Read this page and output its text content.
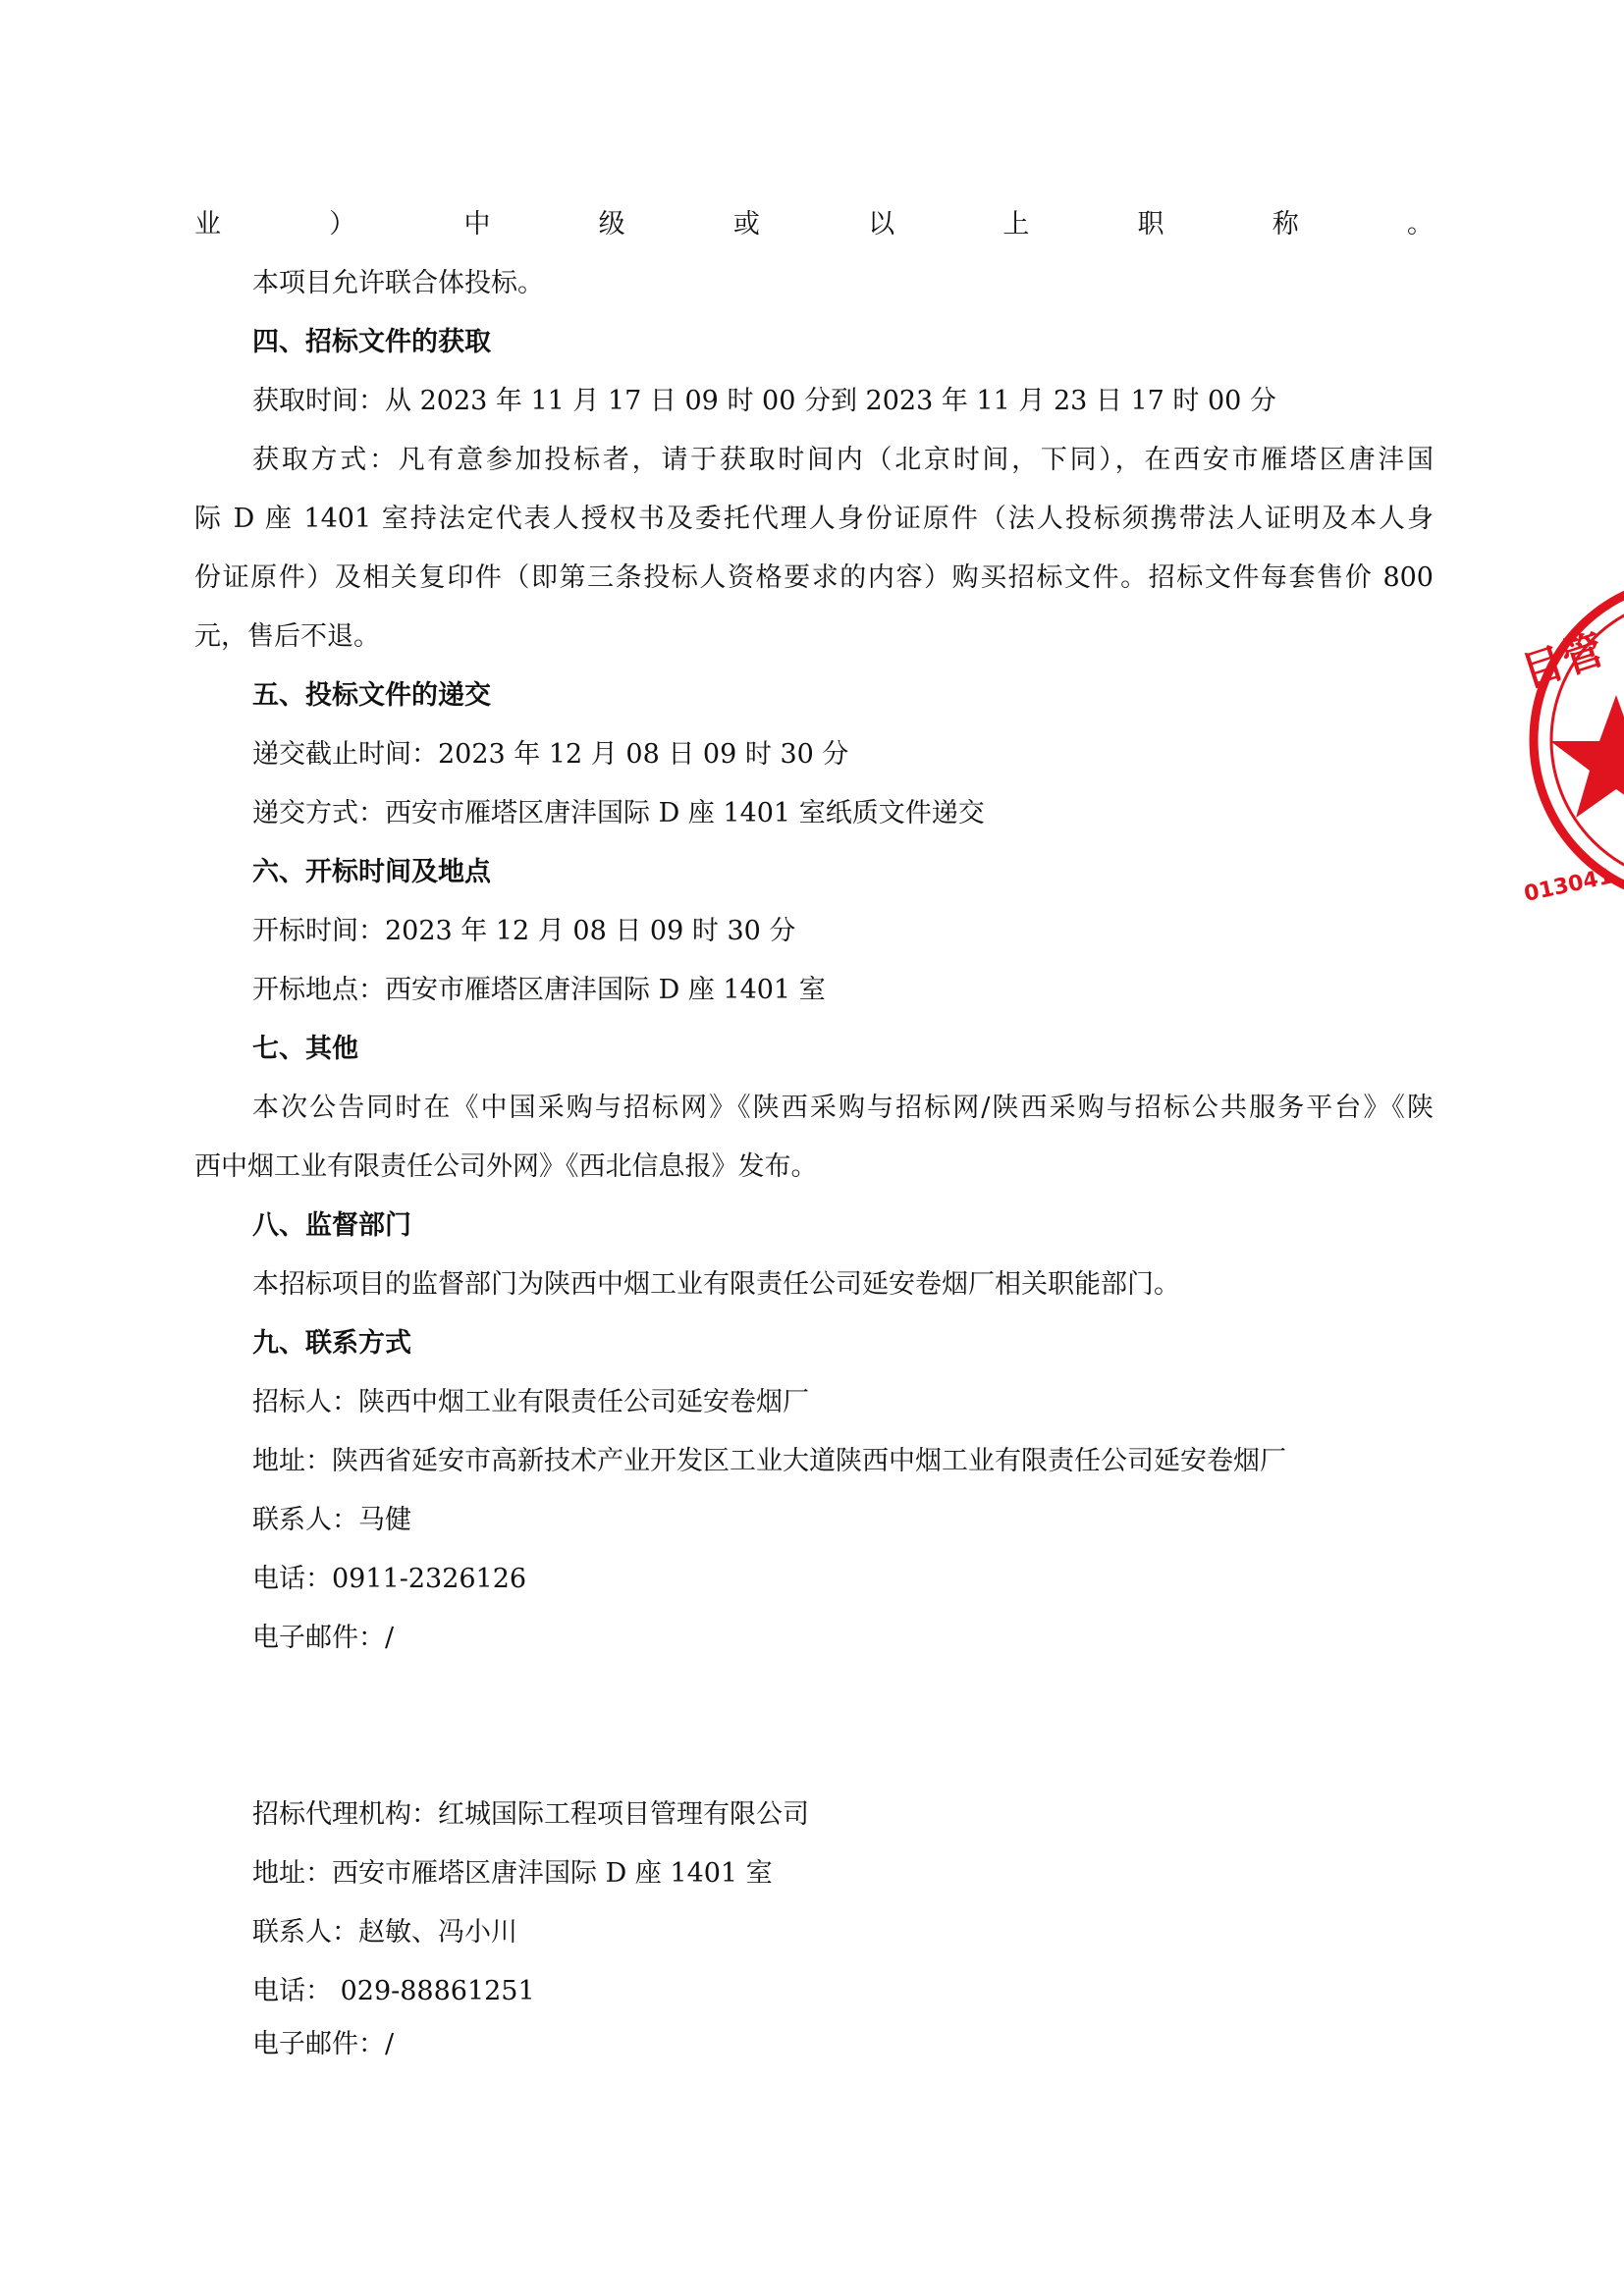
业）中级或以上职称。
本项目允许联合体投标。
四、招标文件的获取
获取时间：从 2023 年 11 月 17 日 09 时 00 分到 2023 年 11 月 23 日 17 时 00 分
获取方式：凡有意参加投标者，请于获取时间内（北京时间，下同），在西安市雁塔区唐沣国
际 D 座 1401 室持法定代表人授权书及委托代理人身份证原件（法人投标须携带法人证明及本人身
份证原件）及相关复印件（即第三条投标人资格要求的内容）购买招标文件。招标文件每套售价 800
元，售后不退。
五、投标文件的递交
递交截止时间：2023 年 12 月 08 日 09 时 30 分
递交方式：西安市雁塔区唐沣国际 D 座 1401 室纸质文件递交
六、开标时间及地点
开标时间：2023 年 12 月 08 日 09 时 30 分
开标地点：西安市雁塔区唐沣国际 D 座 1401 室
七、其他
本次公告同时在《中国采购与招标网》《陕西采购与招标网/陕西采购与招标公共服务平台》《陕
西中烟工业有限责任公司外网》《西北信息报》发布。
八、监督部门
本招标项目的监督部门为陕西中烟工业有限责任公司延安卷烟厂相关职能部门。
九、联系方式
招标人：陕西中烟工业有限责任公司延安卷烟厂
地址：陕西省延安市高新技术产业开发区工业大道陕西中烟工业有限责任公司延安卷烟厂
联系人：马健
电话：0911-2326126
电子邮件：/
招标代理机构：红城国际工程项目管理有限公司
地址：西安市雁塔区唐沣国际 D 座 1401 室
联系人：赵敏、冯小川
电话： 029-88861251
电子邮件：/
目管
013041
